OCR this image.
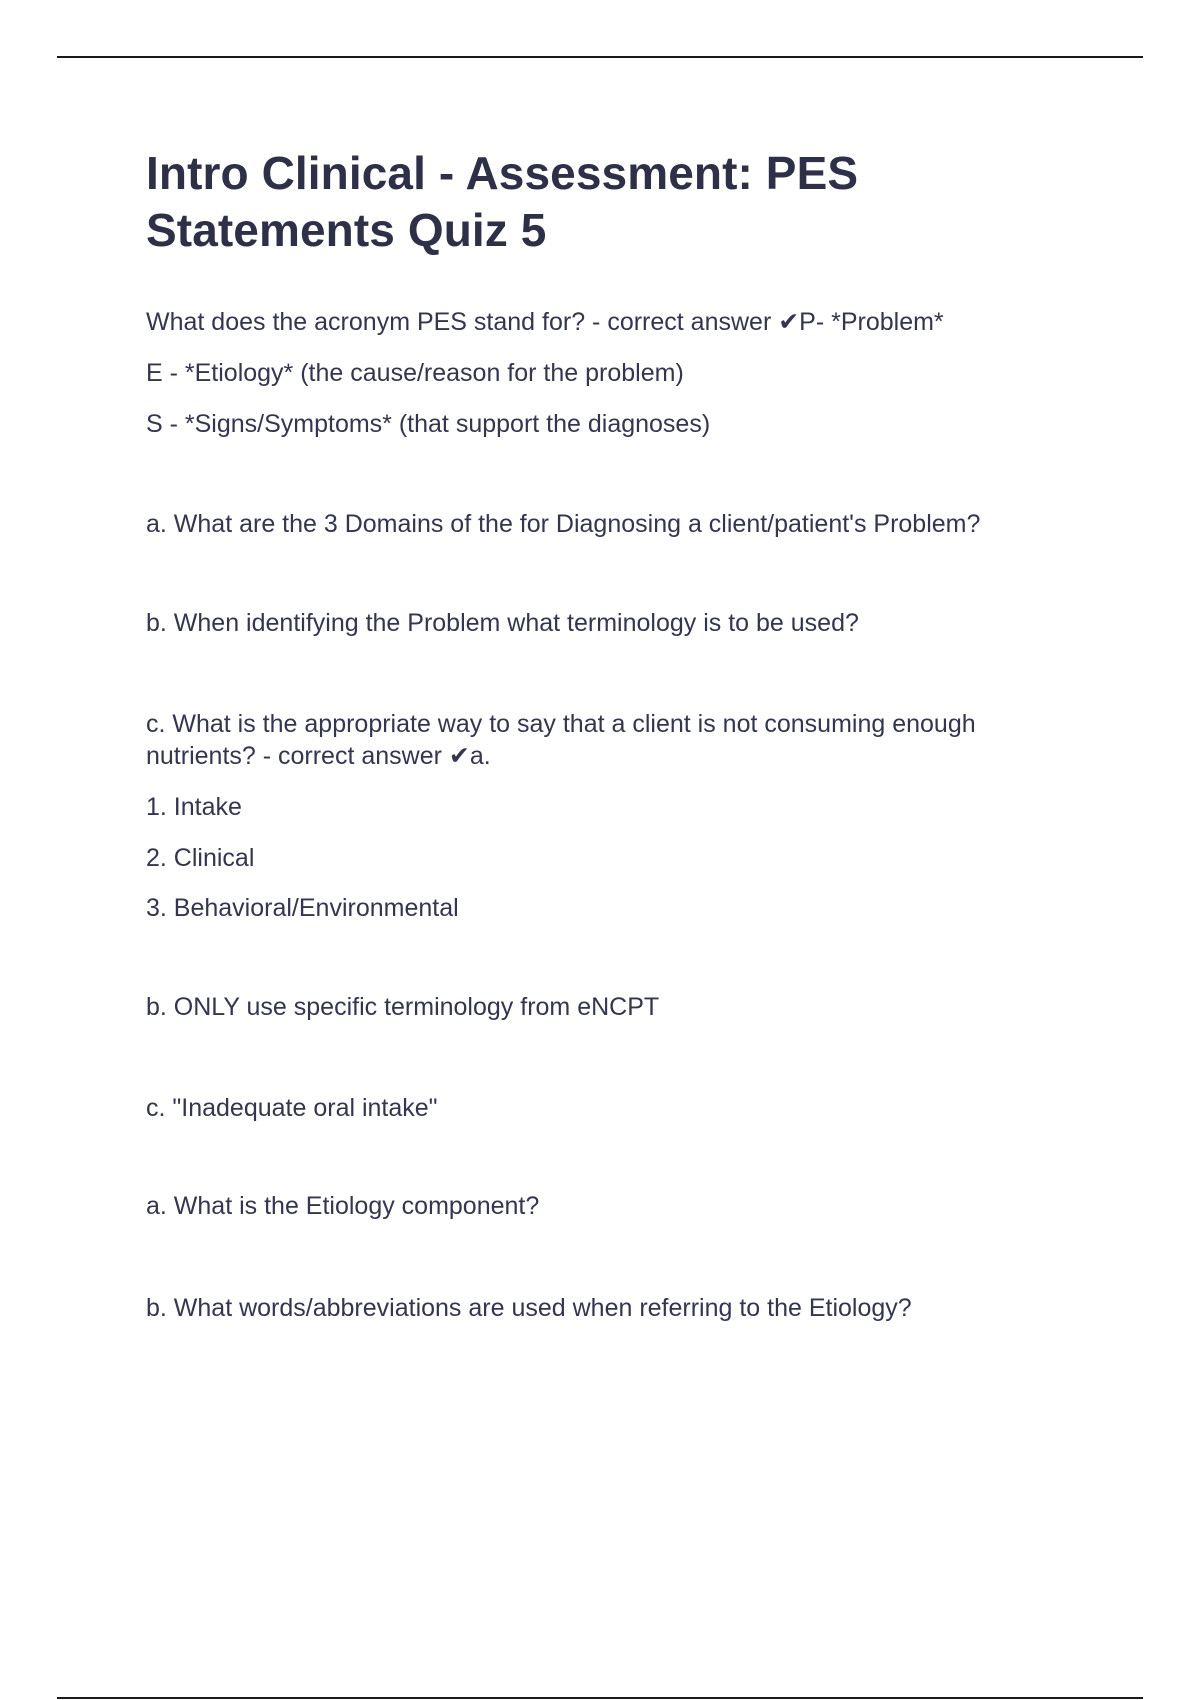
Intro Clinical - Assessment: PES
Statements Quiz 5
What does the acronym PES stand for? - correct answer ✔P- *Problem*
E - *Etiology* (the cause/reason for the problem)
S - *Signs/Symptoms* (that support the diagnoses)
a. What are the 3 Domains of the for Diagnosing a client/patient's Problem?
b. When identifying the Problem what terminology is to be used?
c. What is the appropriate way to say that a client is not consuming enough nutrients? - correct answer ✔a.
1. Intake
2. Clinical
3. Behavioral/Environmental
b. ONLY use specific terminology from eNCPT
c. "Inadequate oral intake"
a. What is the Etiology component?
b. What words/abbreviations are used when referring to the Etiology?
